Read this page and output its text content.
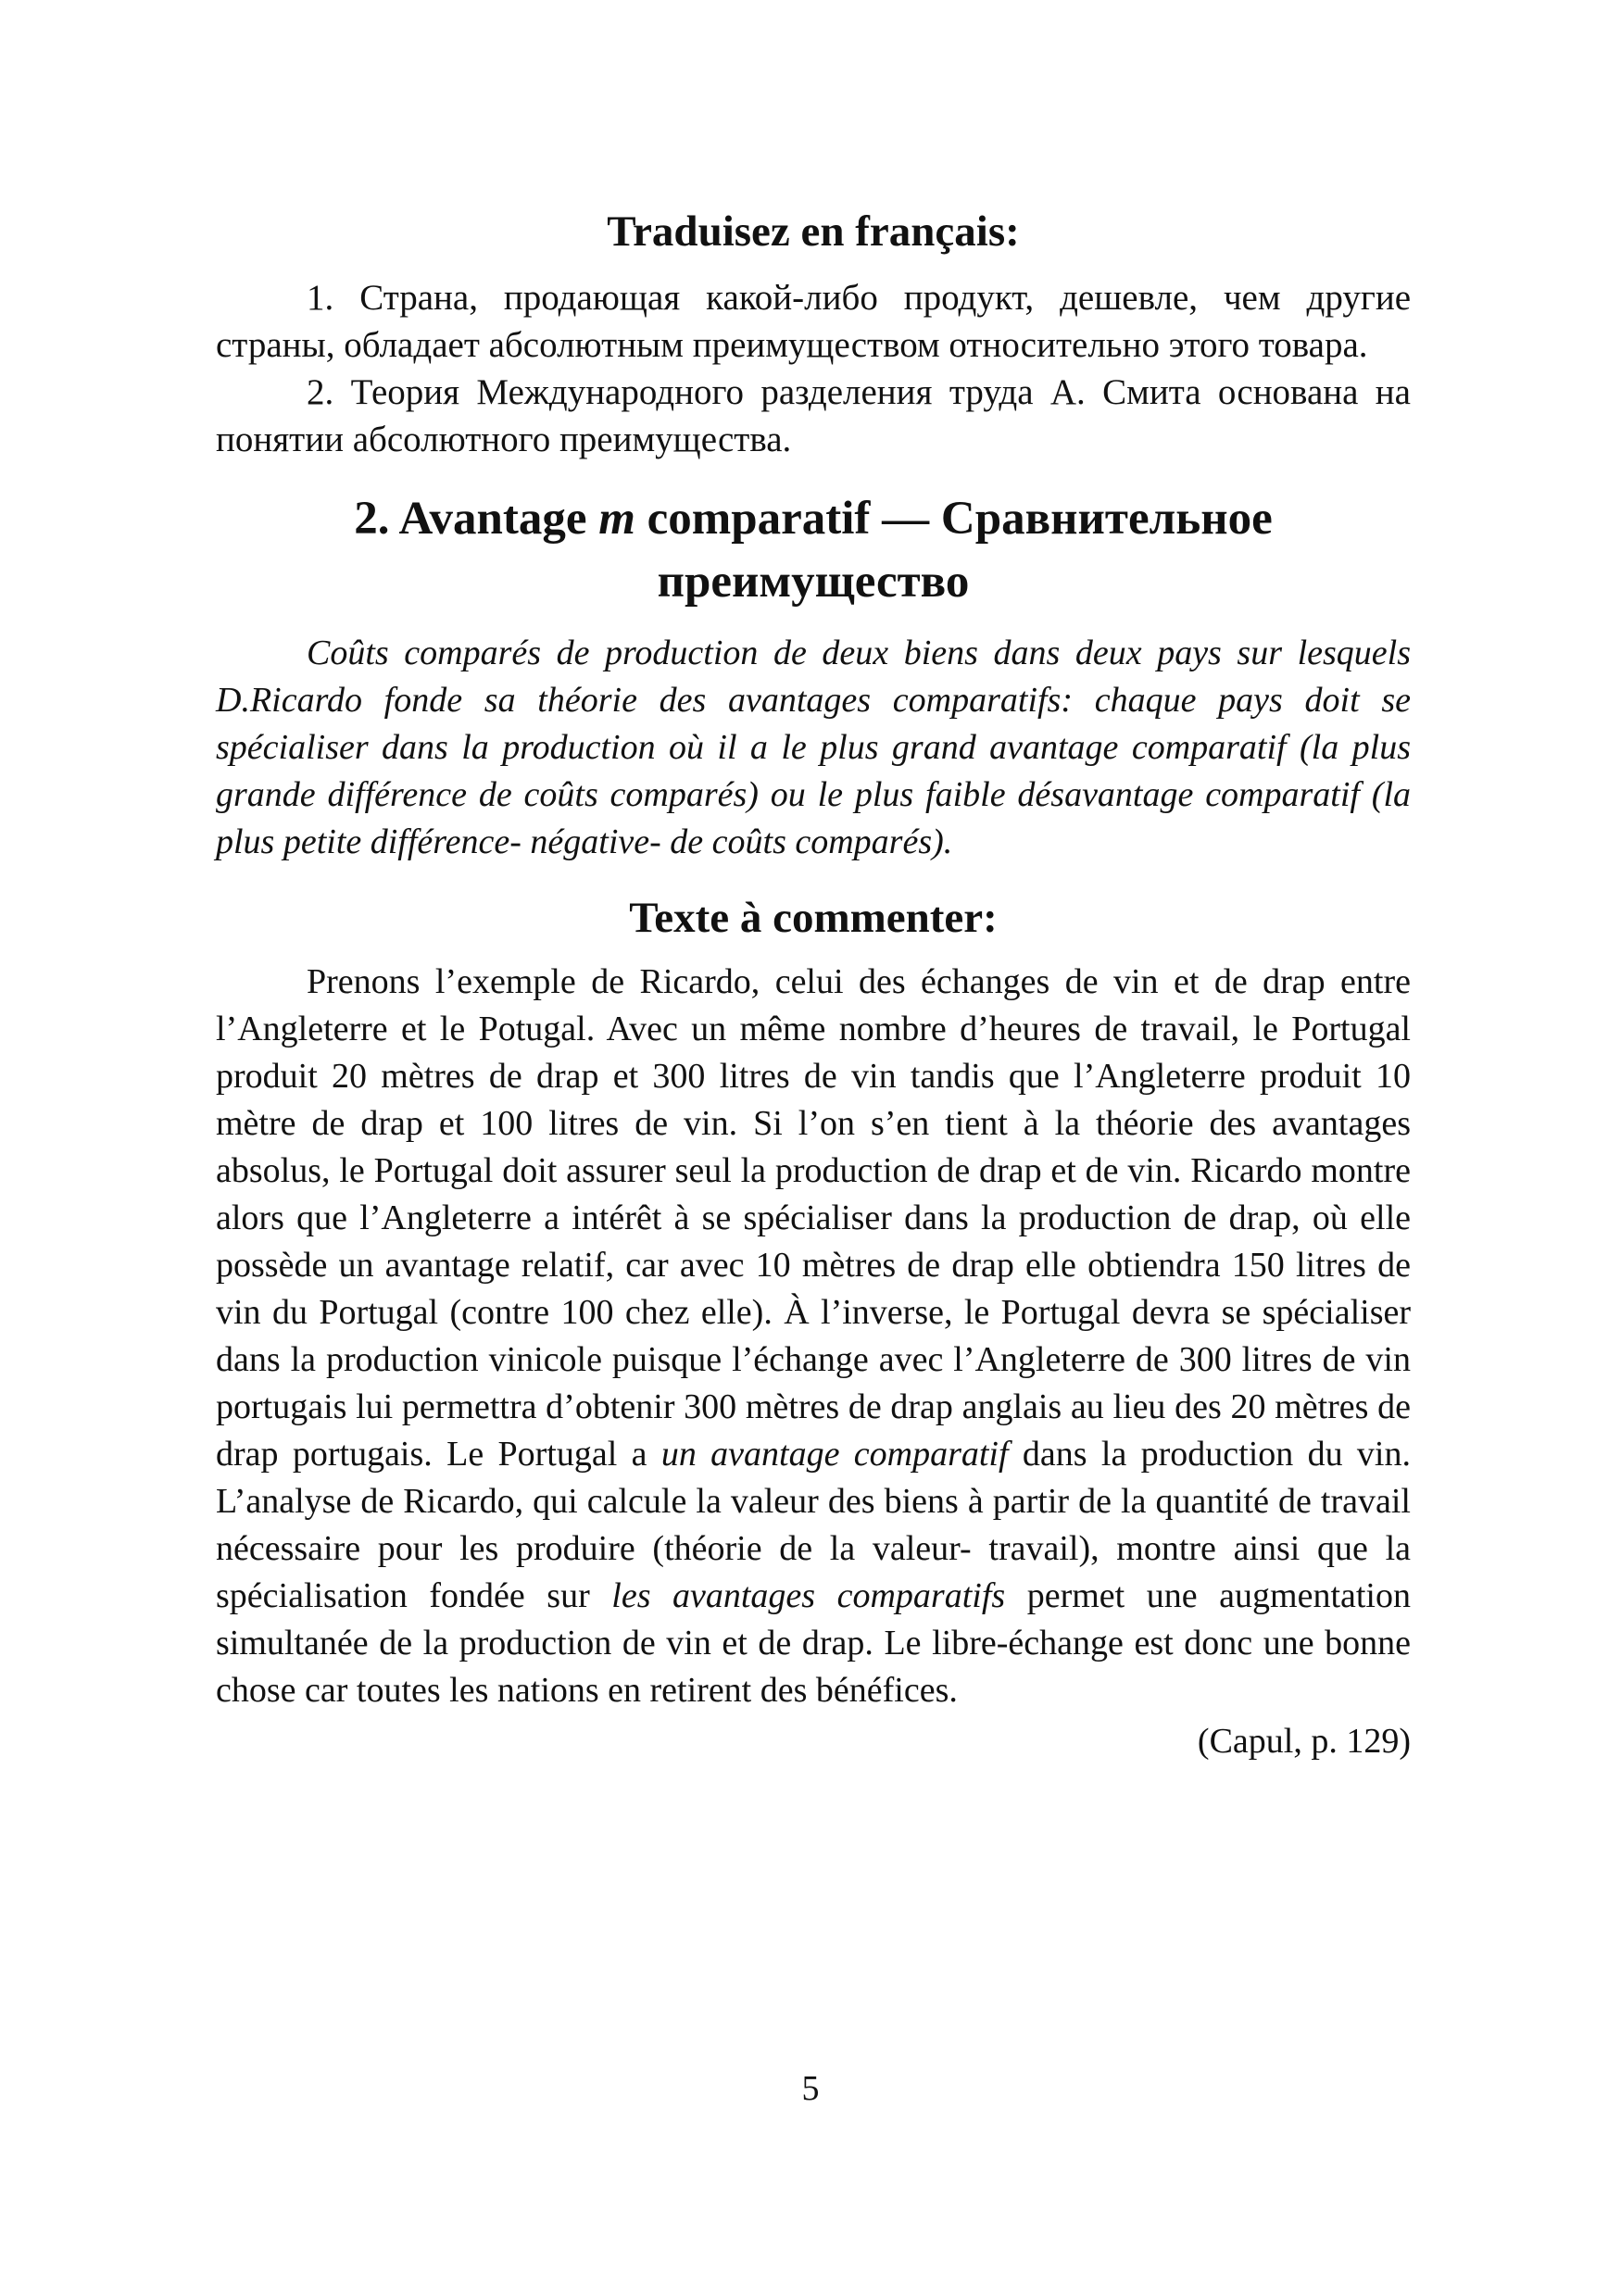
Traduisez en français:

1. Страна, продающая какой-либо продукт, дешевле, чем другие страны, обладает абсолютным преимуществом относительно этого товара.

2. Теория Международного разделения труда А. Смита основана на понятии абсолютного преимущества.

2. Avantage m comparatif — Сравнительное преимущество

Coûts comparés de production de deux biens dans deux pays sur lesquels D.Ricardo fonde sa théorie des avantages comparatifs: chaque pays doit se spécialiser dans la production où il a le plus grand avantage comparatif (la plus grande différence de coûts comparés) ou le plus faible désavantage comparatif (la plus petite différence- négative- de coûts comparés).

Texte à commenter:

Prenons l’exemple de Ricardo, celui des échanges de vin et de drap entre l’Angleterre et le Potugal. Avec un même nombre d’heures de travail, le Portugal produit 20 mètres de drap et 300 litres de vin tandis que l’Angleterre produit 10 mètre de drap et 100 litres de vin. Si l’on s’en tient à la théorie des avantages absolus, le Portugal doit assurer seul la production de drap et de vin. Ricardo montre alors que l’Angleterre a intérêt à se spécialiser dans la production de drap, où elle possède un avantage relatif, car avec 10 mètres de drap elle obtiendra 150 litres de vin du Portugal (contre 100 chez elle). À l’inverse, le Portugal devra se spécialiser dans la production vinicole puisque l’échange avec l’Angleterre de 300 litres de vin portugais lui permettra d’obtenir 300 mètres de drap anglais au lieu des 20 mètres de drap portugais. Le Portugal a un avantage comparatif dans la production du vin. L’analyse de Ricardo, qui calcule la valeur des biens à partir de la quantité de travail nécessaire pour les produire (théorie de la valeur- travail), montre ainsi que la spécialisation fondée sur les avantages comparatifs permet une augmentation simultanée de la production de vin et de drap. Le libre-échange est donc une bonne chose car toutes les nations en retirent des bénéfices.

(Capul, p. 129)

5
